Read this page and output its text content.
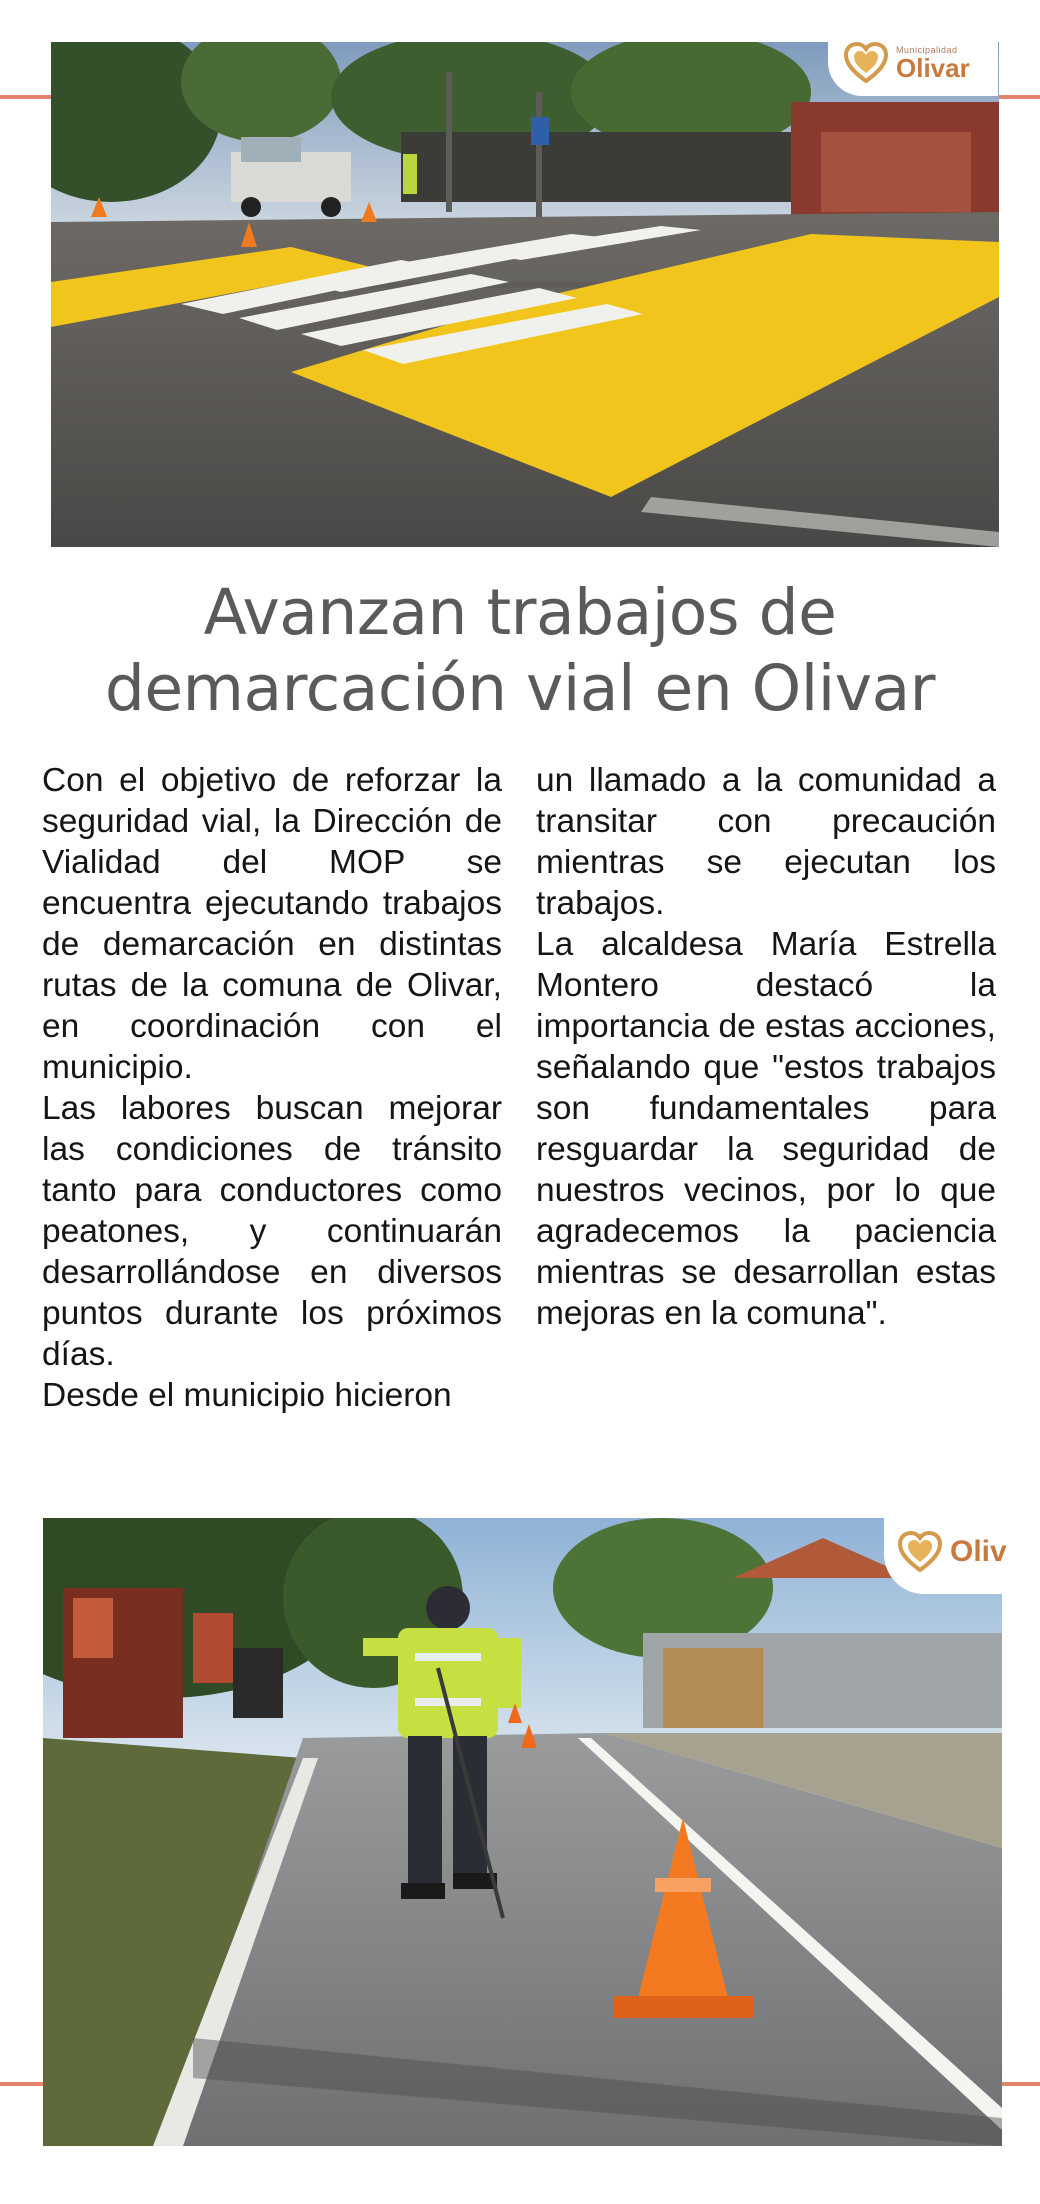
Municipalidad
Olivar
Avanzan trabajos de
demarcación vial en Olivar

Con el objetivo de reforzar la seguridad vial, la Dirección de Vialidad del MOP se encuentra ejecutando trabajos de demarcación en distintas rutas de la comuna de Olivar, en coordinación con el municipio.

Las labores buscan mejorar las condiciones de tránsito tanto para conductores como peatones, y continuarán desarrollándose en diversos puntos durante los próximos días.

Desde el municipio hicieron

un llamado a la comunidad a transitar con precaución mientras se ejecutan los trabajos.

La alcaldesa María Estrella Montero destacó la importancia de estas acciones, señalando que "estos trabajos son fundamentales para resguardar la seguridad de nuestros vecinos, por lo que agradecemos la paciencia mientras se desarrollan estas mejoras en la comuna".

Oliv
